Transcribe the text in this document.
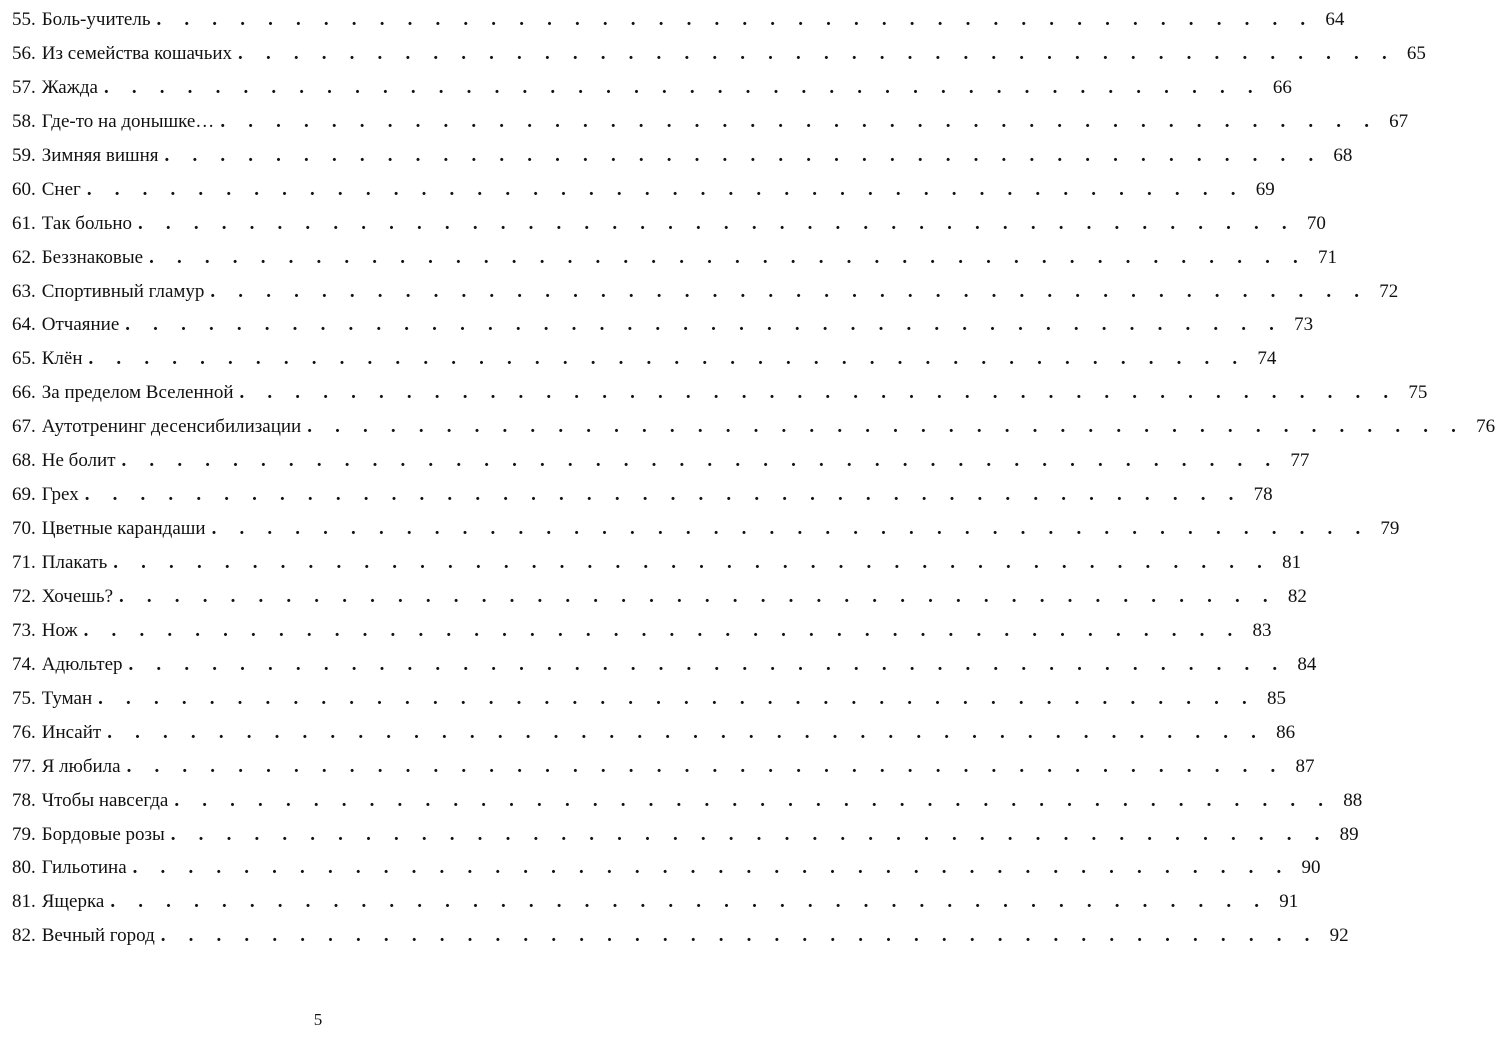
55. Боль-учитель . . . . . . . . . . . . . . . . . . . . . . . . . . . . . . . . . . . . . . . . . . 64
56. Из семейства кошачьих . . . . . . . . . . . . . . . . . . . . . . . . . . . . . . . . . . . . . . . . . . 65
57. Жажда . . . . . . . . . . . . . . . . . . . . . . . . . . . . . . . . . . . . . . . . . . 66
58. Где-то на донышке… . . . . . . . . . . . . . . . . . . . . . . . . . . . . . . . . . . . . . . . . . . 67
59. Зимняя вишня . . . . . . . . . . . . . . . . . . . . . . . . . . . . . . . . . . . . . . . . . . 68
60. Снег . . . . . . . . . . . . . . . . . . . . . . . . . . . . . . . . . . . . . . . . . . 69
61. Так больно . . . . . . . . . . . . . . . . . . . . . . . . . . . . . . . . . . . . . . . . . . 70
62. Беззнаковые . . . . . . . . . . . . . . . . . . . . . . . . . . . . . . . . . . . . . . . . . . 71
63. Спортивный гламур . . . . . . . . . . . . . . . . . . . . . . . . . . . . . . . . . . . . . . . . . . 72
64. Отчаяние . . . . . . . . . . . . . . . . . . . . . . . . . . . . . . . . . . . . . . . . . . 73
65. Клён . . . . . . . . . . . . . . . . . . . . . . . . . . . . . . . . . . . . . . . . . . 74
66. За пределом Вселенной . . . . . . . . . . . . . . . . . . . . . . . . . . . . . . . . . . . . . . . . . . 75
67. Аутотренинг десенсибилизации . . . . . . . . . . . . . . . . . . . . . . . . . . . . . . . . . . . . . . . . . . 76
68. Не болит . . . . . . . . . . . . . . . . . . . . . . . . . . . . . . . . . . . . . . . . . . 77
69. Грех . . . . . . . . . . . . . . . . . . . . . . . . . . . . . . . . . . . . . . . . . . 78
70. Цветные карандаши . . . . . . . . . . . . . . . . . . . . . . . . . . . . . . . . . . . . . . . . . . 79
71. Плакать . . . . . . . . . . . . . . . . . . . . . . . . . . . . . . . . . . . . . . . . . . 81
72. Хочешь? . . . . . . . . . . . . . . . . . . . . . . . . . . . . . . . . . . . . . . . . . . 82
73. Нож . . . . . . . . . . . . . . . . . . . . . . . . . . . . . . . . . . . . . . . . . . 83
74. Адюльтер . . . . . . . . . . . . . . . . . . . . . . . . . . . . . . . . . . . . . . . . . . 84
75. Туман . . . . . . . . . . . . . . . . . . . . . . . . . . . . . . . . . . . . . . . . . . 85
76. Инсайт . . . . . . . . . . . . . . . . . . . . . . . . . . . . . . . . . . . . . . . . . . 86
77. Я любила . . . . . . . . . . . . . . . . . . . . . . . . . . . . . . . . . . . . . . . . . . 87
78. Чтобы навсегда . . . . . . . . . . . . . . . . . . . . . . . . . . . . . . . . . . . . . . . . . . 88
79. Бордовые розы . . . . . . . . . . . . . . . . . . . . . . . . . . . . . . . . . . . . . . . . . . 89
80. Гильотина . . . . . . . . . . . . . . . . . . . . . . . . . . . . . . . . . . . . . . . . . . 90
81. Ящерка . . . . . . . . . . . . . . . . . . . . . . . . . . . . . . . . . . . . . . . . . . 91
82. Вечный город . . . . . . . . . . . . . . . . . . . . . . . . . . . . . . . . . . . . . . . . . . 92
5
